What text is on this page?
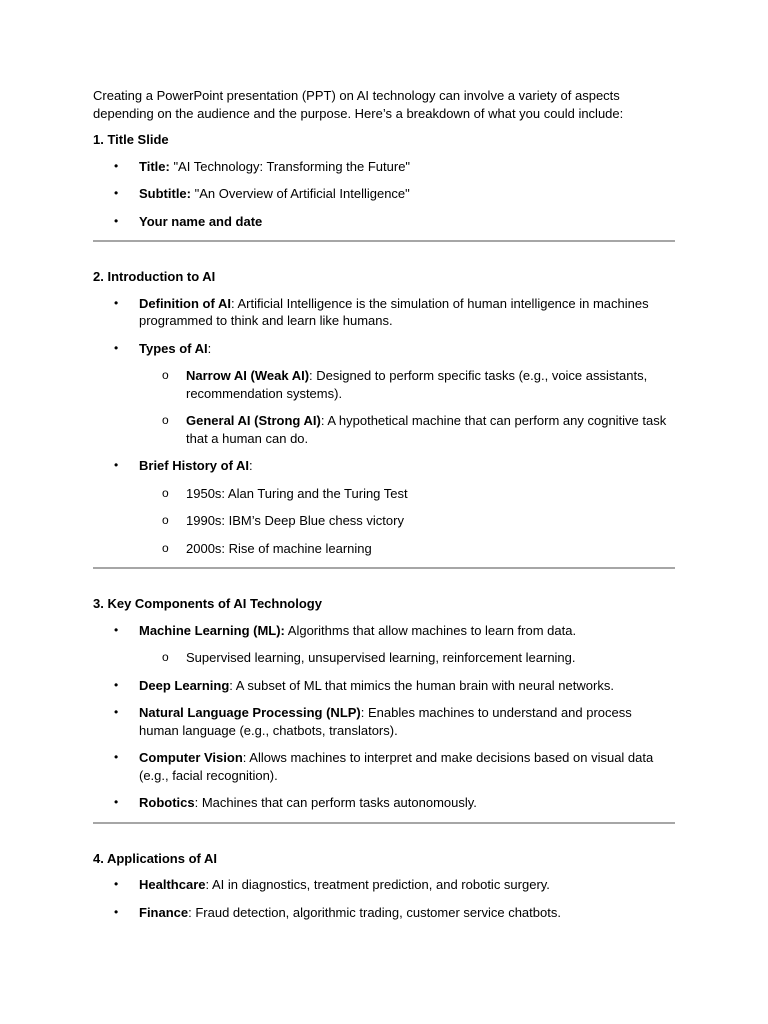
Creating a PowerPoint presentation (PPT) on AI technology can involve a variety of aspects depending on the audience and the purpose. Here’s a breakdown of what you could include:

1. Title Slide

• Title: "AI Technology: Transforming the Future"
• Subtitle: "An Overview of Artificial Intelligence"
• Your name and date

2. Introduction to AI

• Definition of AI: Artificial Intelligence is the simulation of human intelligence in machines programmed to think and learn like humans.
• Types of AI:
o Narrow AI (Weak AI): Designed to perform specific tasks (e.g., voice assistants, recommendation systems).
o General AI (Strong AI): A hypothetical machine that can perform any cognitive task that a human can do.
• Brief History of AI:
o 1950s: Alan Turing and the Turing Test
o 1990s: IBM’s Deep Blue chess victory
o 2000s: Rise of machine learning

3. Key Components of AI Technology

• Machine Learning (ML): Algorithms that allow machines to learn from data.
o Supervised learning, unsupervised learning, reinforcement learning.
• Deep Learning: A subset of ML that mimics the human brain with neural networks.
• Natural Language Processing (NLP): Enables machines to understand and process human language (e.g., chatbots, translators).
• Computer Vision: Allows machines to interpret and make decisions based on visual data (e.g., facial recognition).
• Robotics: Machines that can perform tasks autonomously.

4. Applications of AI

• Healthcare: AI in diagnostics, treatment prediction, and robotic surgery.
• Finance: Fraud detection, algorithmic trading, customer service chatbots.
